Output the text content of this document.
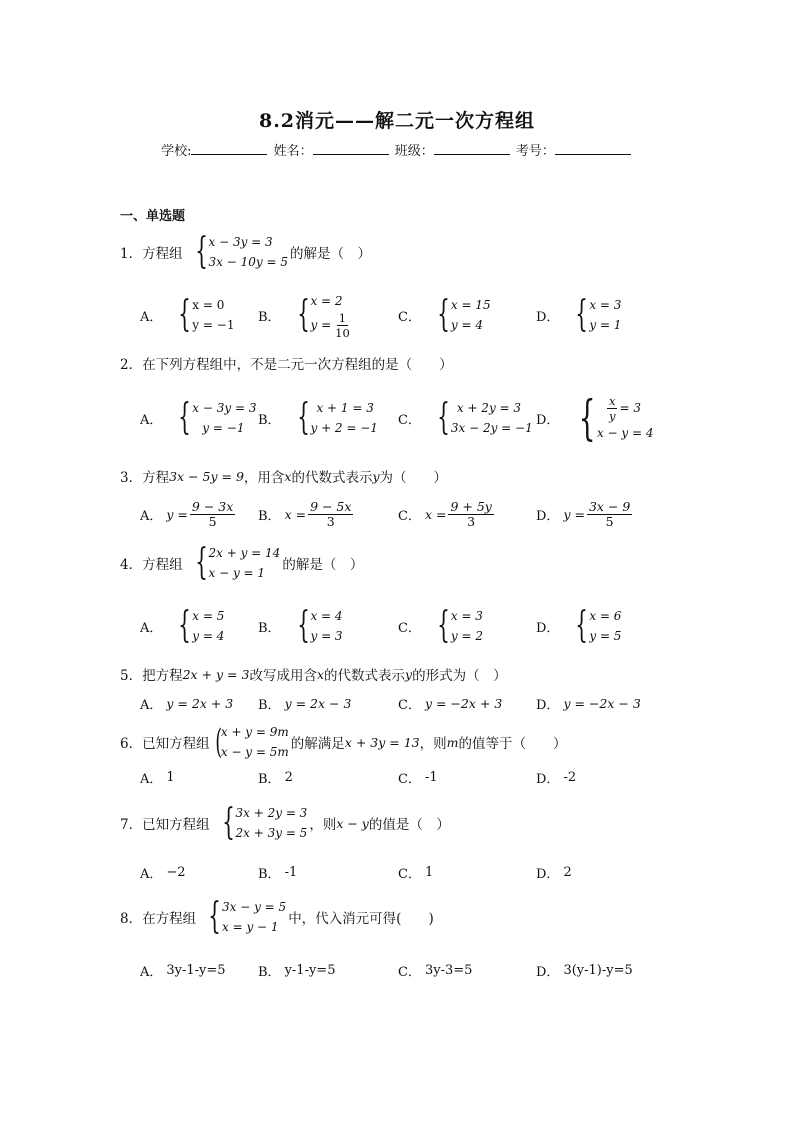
8.2消元——解二元一次方程组
学校:	姓名：	班级：	考号：
一、单选题
1． 方程组 { x − 3y = 3
3x − 10y = 5 的解是（　）
A． { x = 0
y = −1
B． { x = 2
$y = \frac{1}{10}$	C． { x = 15
y = 4
D． { x = 3
y = 1
2． 在下列方程组中，不是二元一次方程组的是（　　）
A． { x − 3y = 3
y = −1
B． { x + 1 = 3
y + 2 = −1
C． { x + 2y = 3
3x − 2y = −1
D． { $\frac{x}{y} = 3$
x − y = 4
3． 方程 3x − 5y = 9 ，用含 x 的代数式表示 y 为（　　）
A． $y = \frac{9 - 3x}{5}$ B． $x = \frac{9 - 5x}{3}$	C． $x = \frac{9 + 5y}{3}$	D． $y = \frac{3x - 9}{5}$
4． 方程组 { 2x + y = 14
x − y = 1	的解是（　）
A． { x = 5
y = 4
B． { x = 4
y = 3
C． { x = 3
y = 2
D． { x = 6
y = 5
5． 把方程 2x + y = 3 改写成用含 x 的代数式表示 y 的形式为（　）
A． y = 2x + 3 B． y = 2x − 3	C． y = −2x + 3	D． y = −2x − 3
6． 已知方程组 ( x + y = 9m
x − y = 5m 的解满足 x + 3y = 13 ，则 m 的值等于（　　）
A． 1	B． 2	C． -1	D． -2
7． 已知方程组 { 3x + 2y = 3
2x + 3y = 5 ，则 x − y 的值是（　）
A． −2	B． -1	C． 1	D． 2
8． 在方程组 { 3x − y = 5
x = y − 1 中，代入消元可得(　　)
A． 3y-1-y=5 B． y-1-y=5	C． 3y-3=5	D． 3(y-1)-y=5
